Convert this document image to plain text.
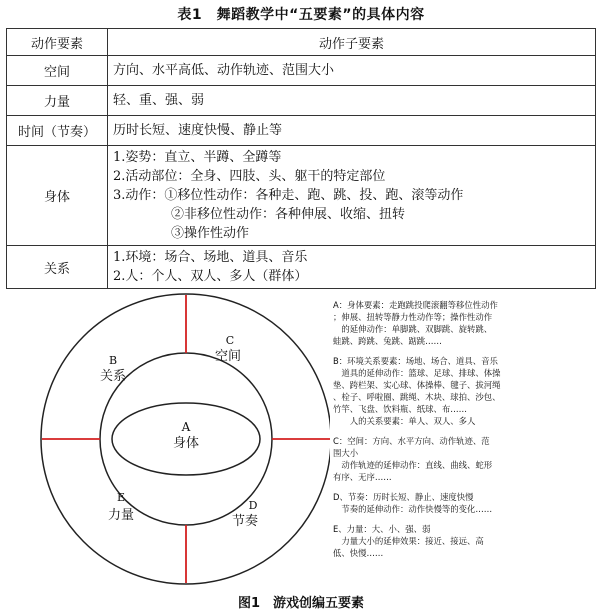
表1　舞蹈教学中“五要素”的具体内容
动作要素	动作子要素
空间	方向、水平高低、动作轨迹、范围大小

力量	轻、重、强、弱

时间（节奏）	历时长短、速度快慢、静止等

身体	1.姿势：直立、半蹲、全蹲等
2.活动部位：全身、四肢、头、躯干的特定部位
3.动作：①移位性动作：各种走、跑、跳、投、跑、滚等动作
②非移位性动作：各种伸展、收缩、扭转
③操作性动作

关系	1.环境：场合、场地、道具、音乐
2.人：个人、双人、多人（群体）
A
身体
B
关系
C
空间
D
节奏
E
力量
A：身体要素：走跑跳投爬滚翻等移位性动作
；伸展、扭转等静力性动作等；操作性动作
　的延伸动作：单脚跳、双脚跳、旋转跳、
蛙跳、跨跳、兔跳、踮跳……
B：环境关系要素：场地、场合、道具、音乐
　道具的延伸动作：篮球、足球、排球、体操
垫、跨栏架、实心球、体操棒、毽子、拔河绳
、栓子、呼啦圈、跳绳、木块、球拍、沙包、
竹竿、飞盘、饮料瓶、纸球、布……
　　人的关系要素：单人、双人、多人
C：空间：方向、水平方向、动作轨迹、范
围大小
　动作轨迹的延伸动作：直线、曲线、蛇形
有序、无序……
D、节奏：历时长短、静止、速度快慢
　节奏的延伸动作：动作快慢等的变化……
E、力量：大、小、强、弱
　力量大小的延伸效果：接近、接远、高
低、快慢……
图1　游戏创编五要素
